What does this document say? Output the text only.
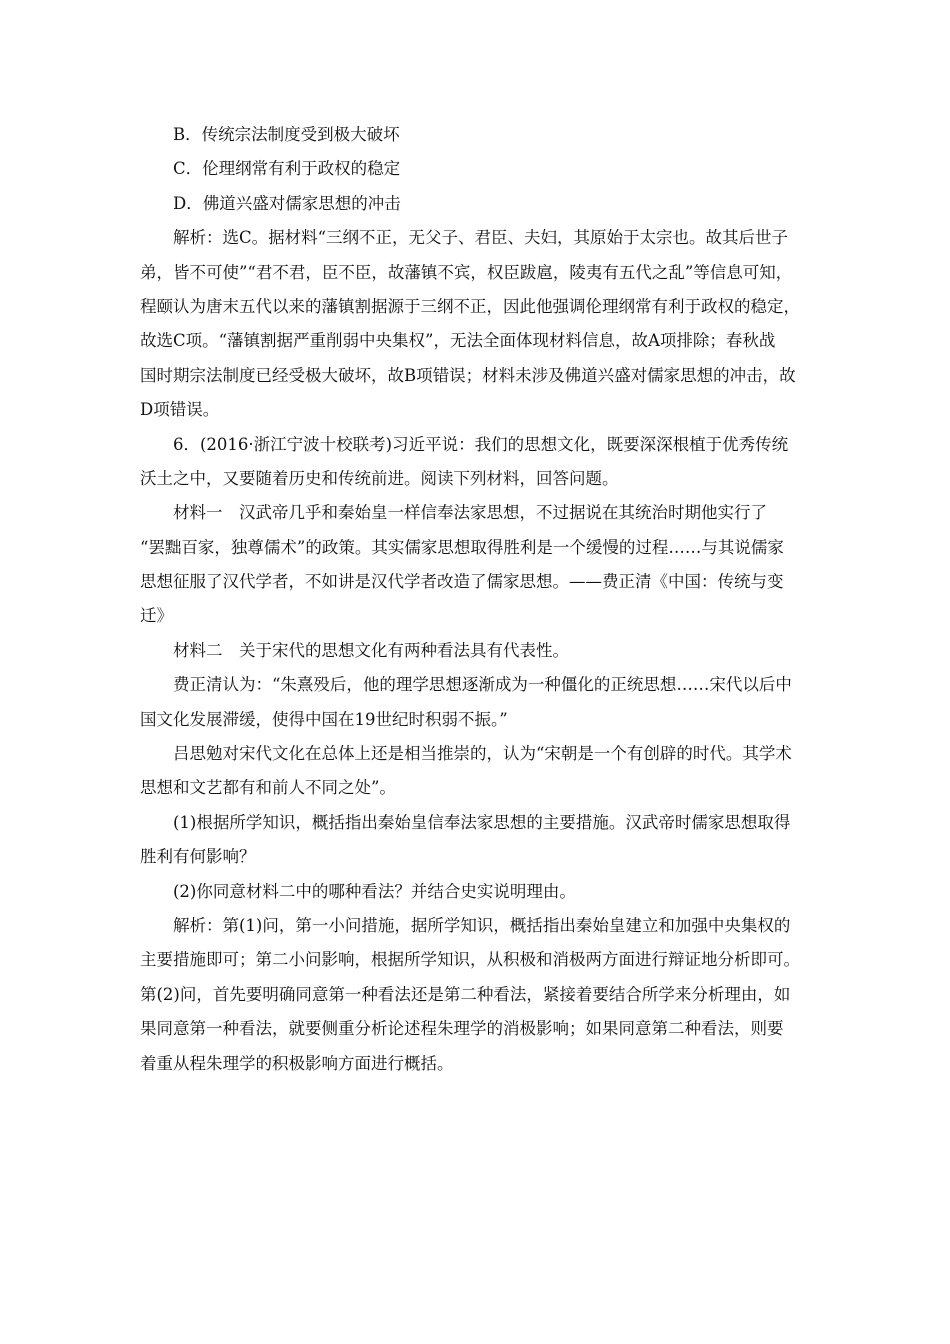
B．传统宗法制度受到极大破坏
C．伦理纲常有利于政权的稳定
D．佛道兴盛对儒家思想的冲击
解析：选C。据材料“三纲不正，无父子、君臣、夫妇，其原始于太宗也。故其后世子
弟，皆不可使”“君不君，臣不臣，故藩镇不宾，权臣跋扈，陵夷有五代之乱”等信息可知，
程颐认为唐末五代以来的藩镇割据源于三纲不正，因此他强调伦理纲常有利于政权的稳定，
故选C项。“藩镇割据严重削弱中央集权”，无法全面体现材料信息，故A项排除；春秋战
国时期宗法制度已经受极大破坏，故B项错误；材料未涉及佛道兴盛对儒家思想的冲击，故
D项错误。
6．(2016·浙江宁波十校联考)习近平说：我们的思想文化，既要深深根植于优秀传统
沃土之中，又要随着历史和传统前进。阅读下列材料，回答问题。
材料一　汉武帝几乎和秦始皇一样信奉法家思想，不过据说在其统治时期他实行了
“罢黜百家，独尊儒术”的政策。其实儒家思想取得胜利是一个缓慢的过程……与其说儒家
思想征服了汉代学者，不如讲是汉代学者改造了儒家思想。——费正清《中国：传统与变
迁》
材料二　关于宋代的思想文化有两种看法具有代表性。
费正清认为：“朱熹殁后，他的理学思想逐渐成为一种僵化的正统思想……宋代以后中
国文化发展滞缓，使得中国在19世纪时积弱不振。”
吕思勉对宋代文化在总体上还是相当推崇的，认为“宋朝是一个有创辟的时代。其学术
思想和文艺都有和前人不同之处”。
(1)根据所学知识，概括指出秦始皇信奉法家思想的主要措施。汉武帝时儒家思想取得
胜利有何影响？
(2)你同意材料二中的哪种看法？并结合史实说明理由。
解析：第(1)问，第一小问措施，据所学知识，概括指出秦始皇建立和加强中央集权的
主要措施即可；第二小问影响，根据所学知识，从积极和消极两方面进行辩证地分析即可。
第(2)问，首先要明确同意第一种看法还是第二种看法，紧接着要结合所学来分析理由，如
果同意第一种看法，就要侧重分析论述程朱理学的消极影响；如果同意第二种看法，则要
着重从程朱理学的积极影响方面进行概括。
